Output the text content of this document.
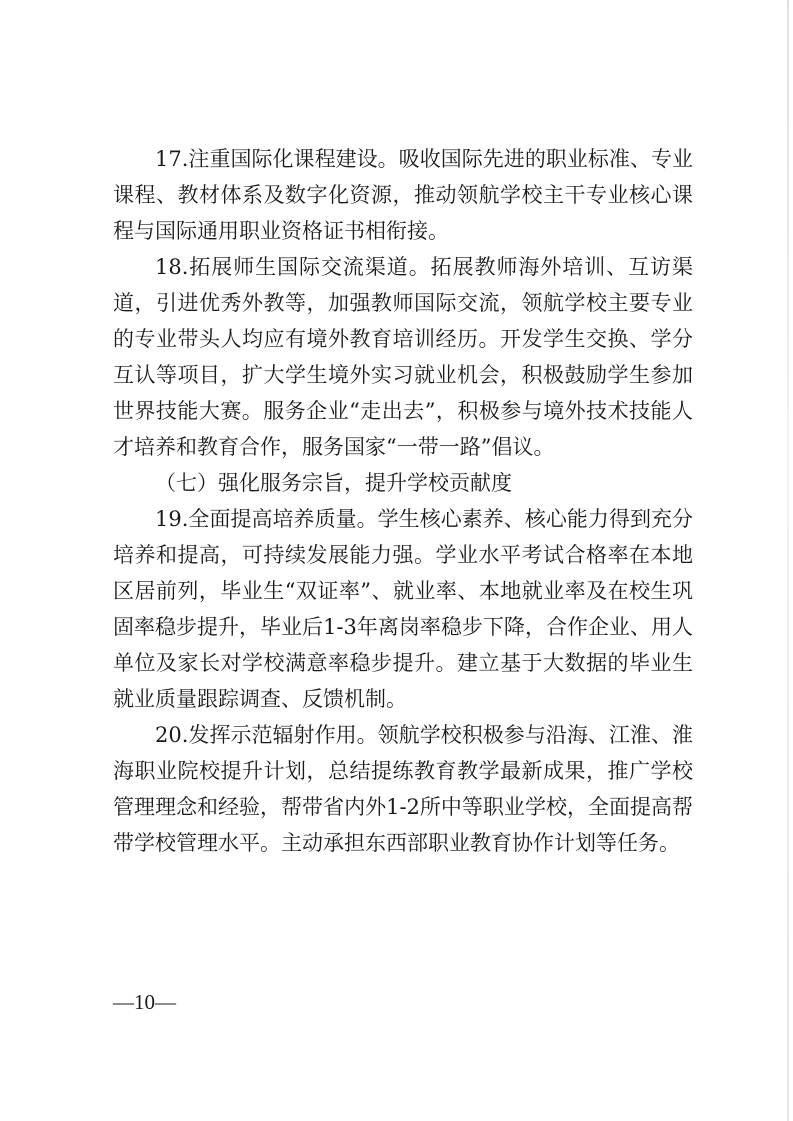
17.注重国际化课程建设。吸收国际先进的职业标准、专业课程、教材体系及数字化资源，推动领航学校主干专业核心课程与国际通用职业资格证书相衔接。

18.拓展师生国际交流渠道。拓展教师海外培训、互访渠道，引进优秀外教等，加强教师国际交流，领航学校主要专业的专业带头人均应有境外教育培训经历。开发学生交换、学分互认等项目，扩大学生境外实习就业机会，积极鼓励学生参加世界技能大赛。服务企业“走出去”，积极参与境外技术技能人才培养和教育合作，服务国家“一带一路”倡议。

（七）强化服务宗旨，提升学校贡献度

19.全面提高培养质量。学生核心素养、核心能力得到充分培养和提高，可持续发展能力强。学业水平考试合格率在本地区居前列，毕业生“双证率”、就业率、本地就业率及在校生巩固率稳步提升，毕业后1-3年离岗率稳步下降，合作企业、用人单位及家长对学校满意率稳步提升。建立基于大数据的毕业生就业质量跟踪调查、反馈机制。

20.发挥示范辐射作用。领航学校积极参与沿海、江淮、淮海职业院校提升计划，总结提练教育教学最新成果，推广学校管理理念和经验，帮带省内外1-2所中等职业学校，全面提高帮带学校管理水平。主动承担东西部职业教育协作计划等任务。

—10—
